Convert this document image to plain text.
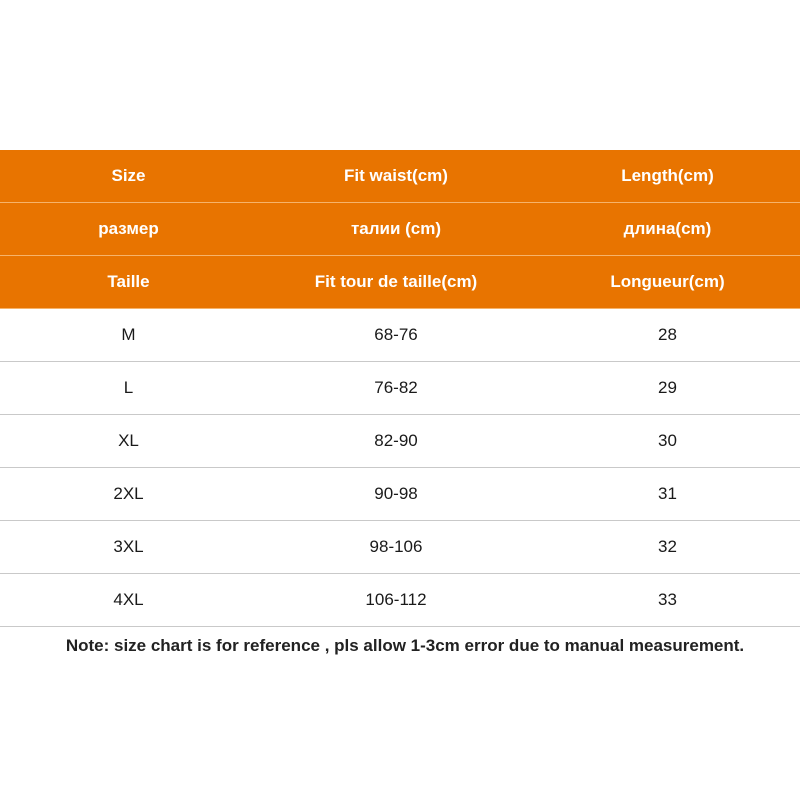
Size	Fit waist(cm)	Length(cm)
размер	талии (cm)	длина(cm)
Taille	Fit tour de taille(cm)	Longueur(cm)
M	68-76	28
L	76-82	29
XL	82-90	30
2XL	90-98	31
3XL	98-106	32
4XL	106-112	33
Note: size chart is for reference , pls allow 1-3cm error due to manual measurement.
